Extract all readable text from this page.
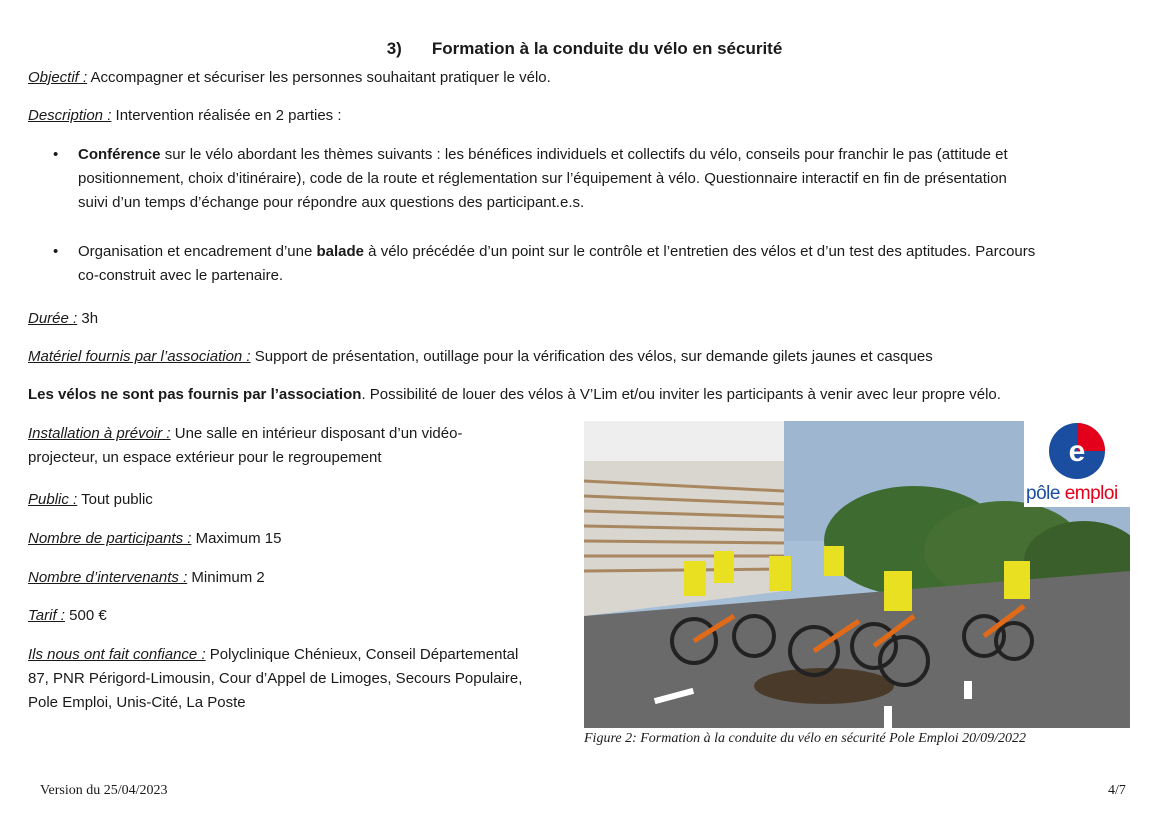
3) Formation à la conduite du vélo en sécurité
Objectif : Accompagner et sécuriser les personnes souhaitant pratiquer le vélo.
Description : Intervention réalisée en 2 parties :
• Conférence sur le vélo abordant les thèmes suivants : les bénéfices individuels et collectifs du vélo, conseils pour franchir le pas (attitude et
positionnement, choix d’itinéraire), code de la route et réglementation sur l’équipement à vélo. Questionnaire interactif en fin de présentation
suivi d’un temps d’échange pour répondre aux questions des participant.e.s.
• Organisation et encadrement d’une balade à vélo précédée d’un point sur le contrôle et l’entretien des vélos et d’un test des aptitudes. Parcours
co-construit avec le partenaire.
Durée : 3h
Matériel fournis par l’association : Support de présentation, outillage pour la vérification des vélos, sur demande gilets jaunes et casques
Les vélos ne sont pas fournis par l’association. Possibilité de louer des vélos à V’Lim et/ou inviter les participants à venir avec leur propre vélo.
Installation à prévoir : Une salle en intérieur disposant d’un vidéo-
projecteur, un espace extérieur pour le regroupement
Public : Tout public
Nombre de participants : Maximum 15
Nombre d’intervenants : Minimum 2
Tarif : 500 €
Ils nous ont fait confiance : Polyclinique Chénieux, Conseil Départemental
87, PNR Périgord-Limousin, Cour d’Appel de Limoges, Secours Populaire,
Pole Emploi, Unis-Cité, La Poste
e
pôle emploi
Figure 2: Formation à la conduite du vélo en sécurité Pole Emploi 20/09/2022
Version du 25/04/2023	4/7
